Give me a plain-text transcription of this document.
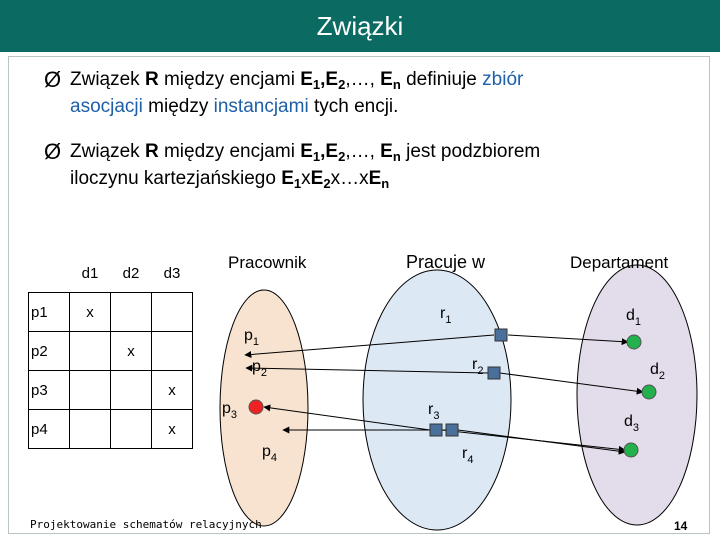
Związki
Ø Związek R między encjami $E_1,E_2,\dots$, $E_n$ definiuje zbiór
asocjacji między instancjami tych encji.
Ø Związek R między encjami $E_1,E_2,\dots$, $E_n$ jest podzbiorem
iloczynu kartezjańskiego $E_1xE_2x\dots xE_n$
	d1	d2	d3
p1	x		
p2		x	
p3			x
p4			x
Pracownik	Pracuje w	Departament
$p_1$
$p_2$
$p_3$
$p_4$
$r_1$
$r_2$
$r_3$
$r_4$
$d_1$
$d_2$
$d_3$
Projektowanie schematów relacyjnych	14
